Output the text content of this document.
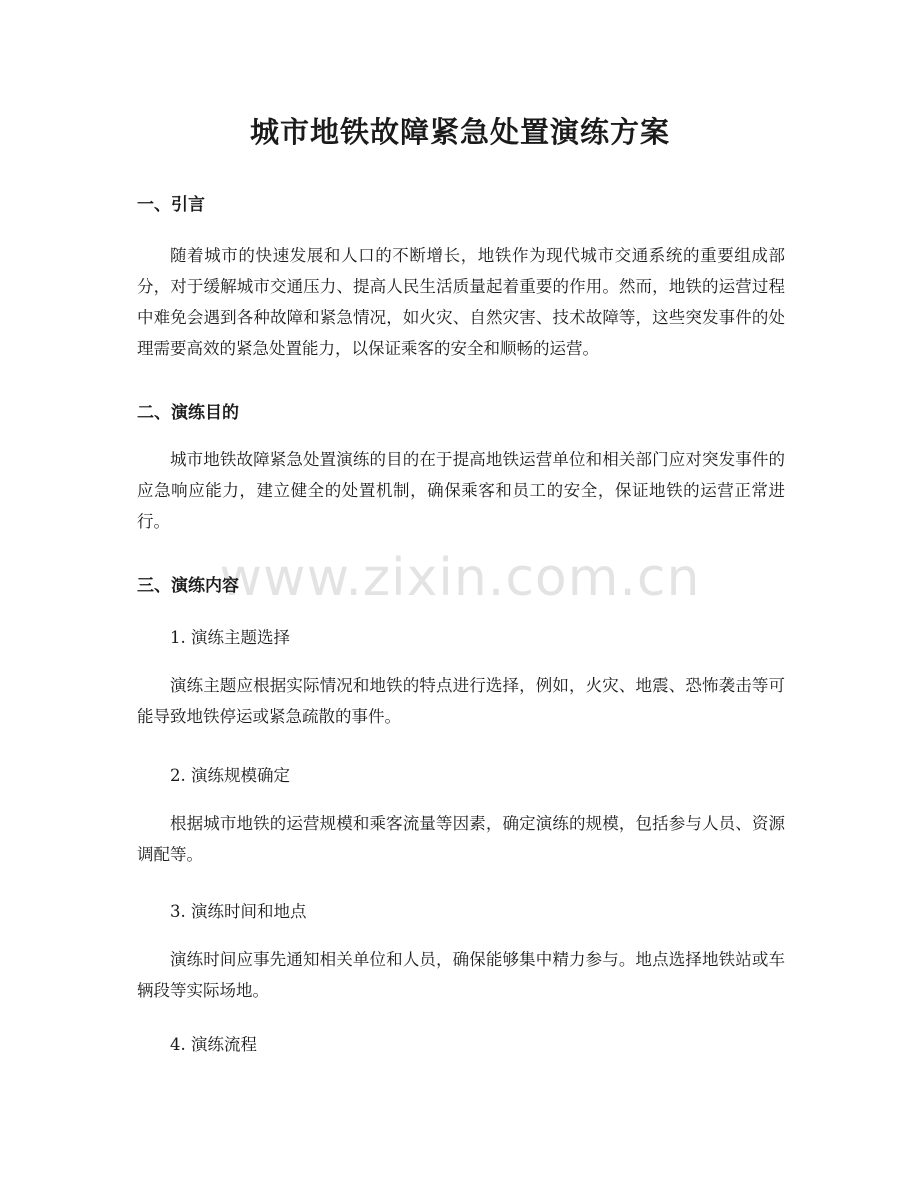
城市地铁故障紧急处置演练方案
一、引言

随着城市的快速发展和人口的不断增长，地铁作为现代城市交通系统的重要组成部分，对于缓解城市交通压力、提高人民生活质量起着重要的作用。然而，地铁的运营过程中难免会遇到各种故障和紧急情况，如火灾、自然灾害、技术故障等，这些突发事件的处理需要高效的紧急处置能力，以保证乘客的安全和顺畅的运营。

二、演练目的

城市地铁故障紧急处置演练的目的在于提高地铁运营单位和相关部门应对突发事件的应急响应能力，建立健全的处置机制，确保乘客和员工的安全，保证地铁的运营正常进行。

三、演练内容

1. 演练主题选择

演练主题应根据实际情况和地铁的特点进行选择，例如，火灾、地震、恐怖袭击等可能导致地铁停运或紧急疏散的事件。

2. 演练规模确定

根据城市地铁的运营规模和乘客流量等因素，确定演练的规模，包括参与人员、资源调配等。

3. 演练时间和地点

演练时间应事先通知相关单位和人员，确保能够集中精力参与。地点选择地铁站或车辆段等实际场地。

4. 演练流程

www.zixin.com.cn
